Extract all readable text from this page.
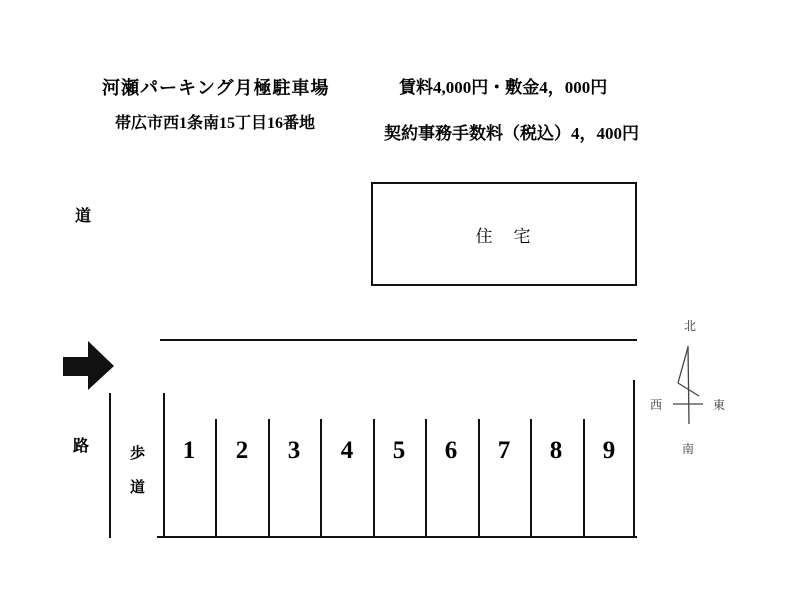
河瀬パーキング月極駐車場
帯広市西1条南15丁目16番地
賃料4,000円・敷金4，000円
契約事務手数料（税込）4，400円
住　宅
道
路	歩
道
1	2	3	4	5	6	7	8	9
北
西	東
南
